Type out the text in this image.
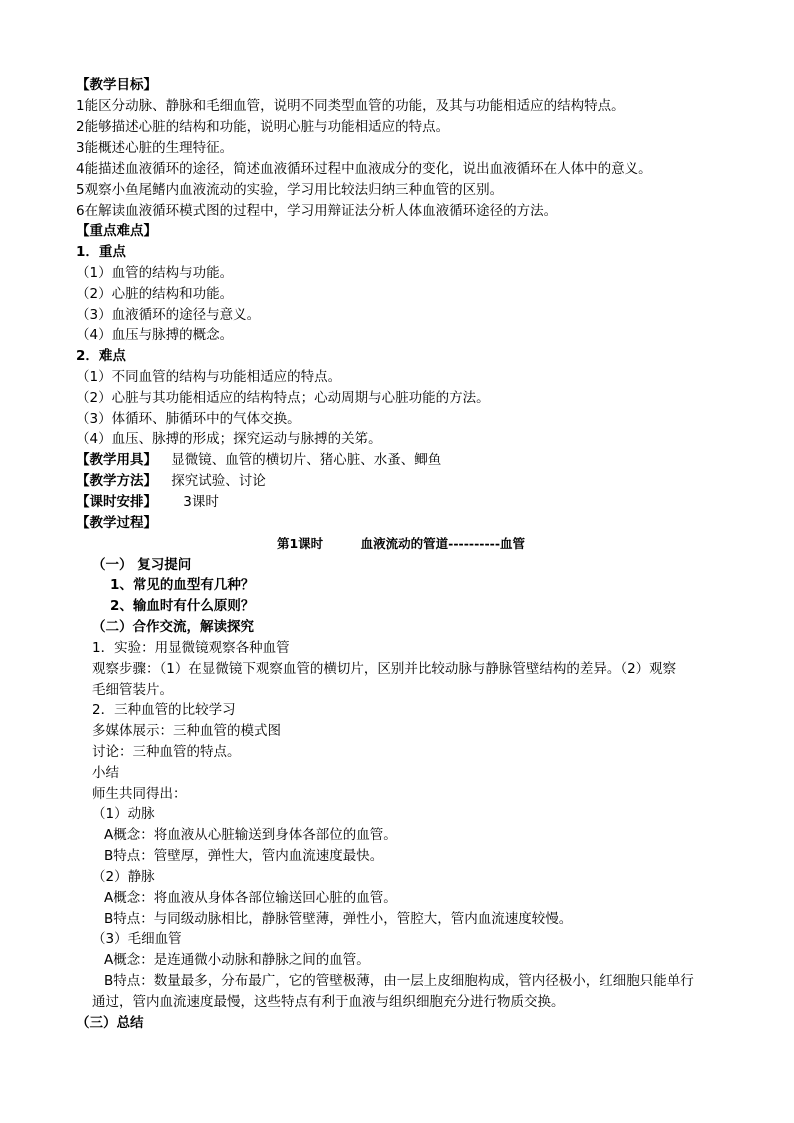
【教学目标】
1能区分动脉、静脉和毛细血管，说明不同类型血管的功能，及其与功能相适应的结构特点。
2能够描述心脏的结构和功能，说明心脏与功能相适应的特点。
3能概述心脏的生理特征。
4能描述血液循环的途径，简述血液循环过程中血液成分的变化，说出血液循环在人体中的意义。
5观察小鱼尾鳍内血液流动的实验，学习用比较法归纳三种血管的区别。
6在解读血液循环模式图的过程中，学习用辩证法分析人体血液循环途径的方法。
【重点难点】
1．重点
（1）血管的结构与功能。
（2）心脏的结构和功能。
（3）血液循环的途径与意义。
（4）血压与脉搏的概念。
2．难点
（1）不同血管的结构与功能相适应的特点。
（2）心脏与其功能相适应的结构特点；心动周期与心脏功能的方法。
（3）体循环、肺循环中的气体交换。
（4）血压、脉搏的形成；探究运动与脉搏的关笫。
【教学用具】 显微镜、血管的横切片、猪心脏、水蚤、鲫鱼
【教学方法】 探究试验、讨论
【课时安排】 3课时
【教学过程】
第1课时　　　血液流动的管道----------血管
（一） 复习提问
1、常见的血型有几种？
2、输血时有什么原则？
（二）合作交流，解读探究
1．实验：用显微镜观察各种血管
观察步骤：（1）在显微镜下观察血管的横切片，区别并比较动脉与静脉管壁结构的差异。（2）观察
毛细管装片。
2．三种血管的比较学习
多媒体展示：三种血管的模式图
讨论：三种血管的特点。
小结
师生共同得出：
（1）动脉
A概念：将血液从心脏输送到身体各部位的血管。
B特点：管壁厚，弹性大，管内血流速度最快。
（2）静脉
A概念：将血液从身体各部位输送回心脏的血管。
B特点：与同级动脉相比，静脉管壁薄，弹性小，管腔大，管内血流速度较慢。
（3）毛细血管
A概念：是连通微小动脉和静脉之间的血管。
B特点：数量最多，分布最广，它的管壁极薄，由一层上皮细胞构成，管内径极小，红细胞只能单行
通过，管内血流速度最慢，这些特点有利于血液与组织细胞充分进行物质交换。
（三）总结
